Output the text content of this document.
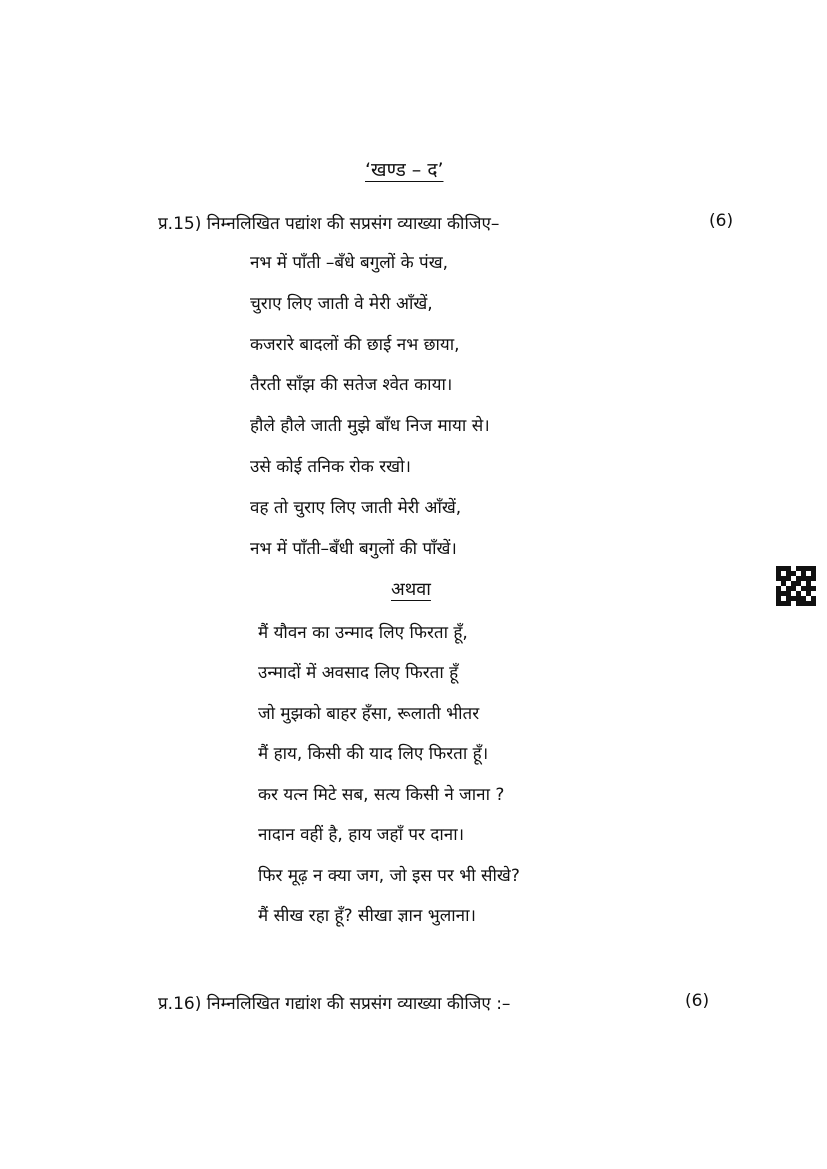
‘खण्ड – द’
प्र.15) निम्नलिखित पद्यांश की सप्रसंग व्याख्या कीजिए–	(6)
नभ में पाँती –बँधे बगुलों के पंख,
चुराए लिए जाती वे मेरी आँखें,
कजरारे बादलों की छाई नभ छाया,
तैरती साँझ की सतेज श्वेत काया।
हौले हौले जाती मुझे बाँध निज माया से।
उसे कोई तनिक रोक रखो।
वह तो चुराए लिए जाती मेरी आँखें,
नभ में पाँती–बँधी बगुलों की पाँखें।
अथवा
मैं यौवन का उन्माद लिए फिरता हूँ,
उन्मादों में अवसाद लिए फिरता हूँ
जो मुझको बाहर हँसा, रूलाती भीतर
मैं हाय, किसी की याद लिए फिरता हूँ।
कर यत्न मिटे सब, सत्य किसी ने जाना ?
नादान वहीं है, हाय जहाँ पर दाना।
फिर मूढ़ न क्या जग, जो इस पर भी सीखे?
मैं सीख रहा हूँ? सीखा ज्ञान भुलाना।
प्र.16) निम्नलिखित गद्यांश की सप्रसंग व्याख्या कीजिए :–	(6)
